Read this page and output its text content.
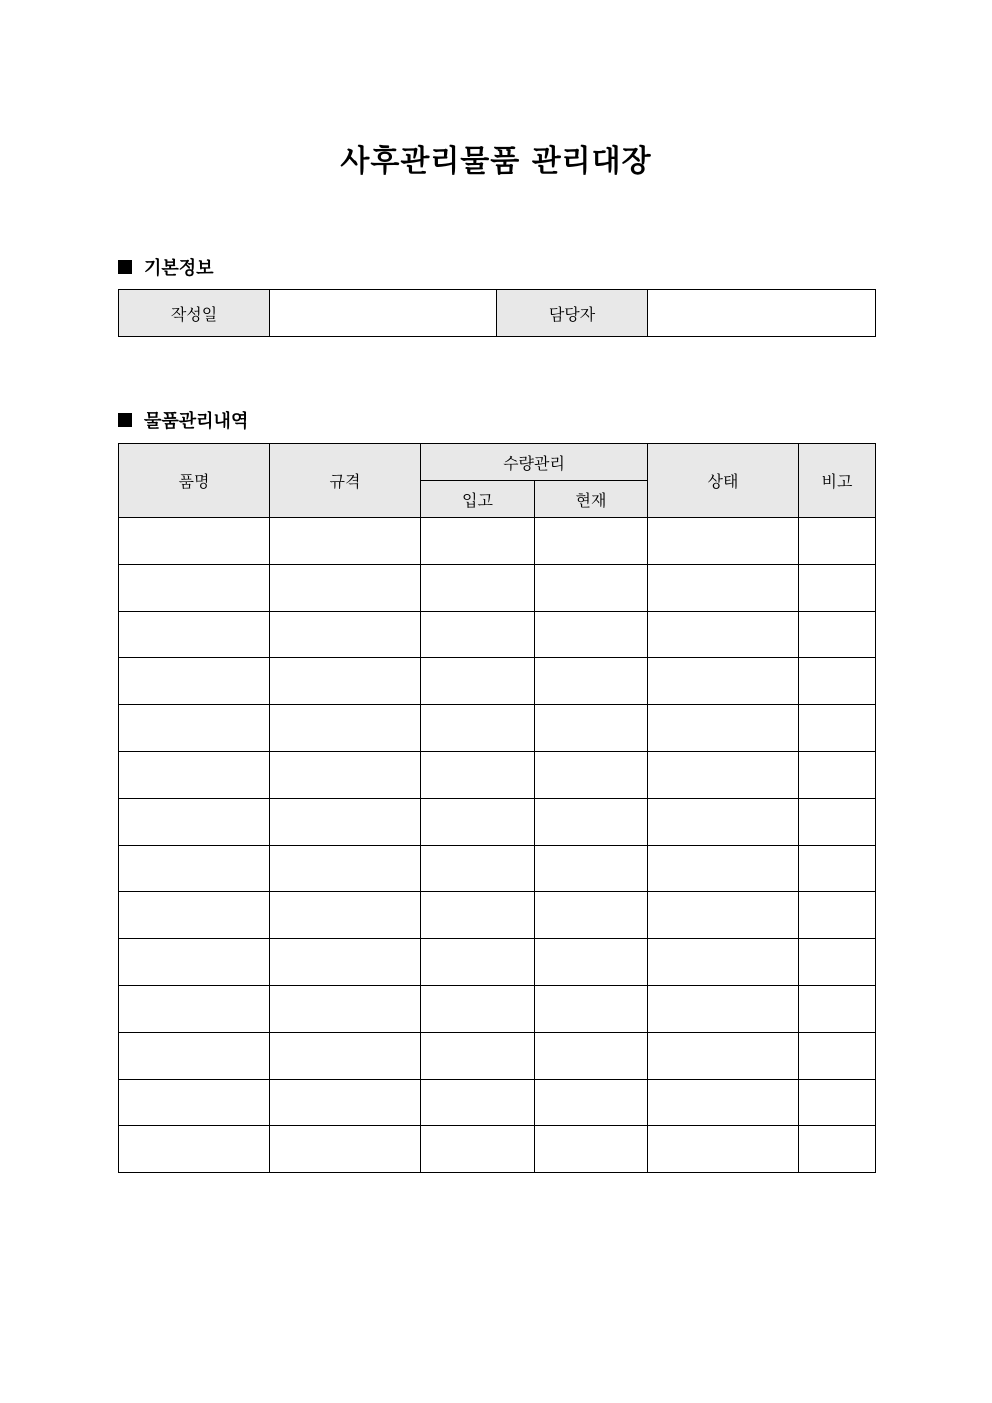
사후관리물품 관리대장
기본정보
작성일		담당자	
물품관리내역
품명	규격	수량관리		상태	비고
		입고	현재		
